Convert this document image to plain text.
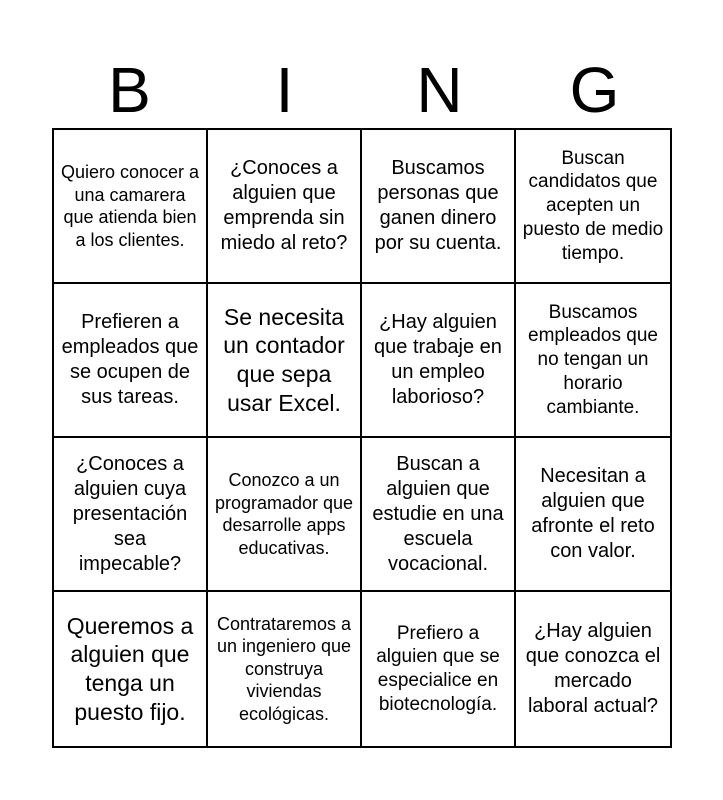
B	I	N	G
Quiero conocer a una camarera que atienda bien a los clientes.
¿Conoces a alguien que emprenda sin miedo al reto?
Buscamos personas que ganen dinero por su cuenta.
Buscan candidatos que acepten un puesto de medio tiempo.
Prefieren a empleados que se ocupen de sus tareas.
Se necesita un contador que sepa usar Excel.
¿Hay alguien que trabaje en un empleo laborioso?
Buscamos empleados que no tengan un horario cambiante.
¿Conoces a alguien cuya presentación sea impecable?
Conozco a un programador que desarrolle apps educativas.
Buscan a alguien que estudie en una escuela vocacional.
Necesitan a alguien que afronte el reto con valor.
Queremos a alguien que tenga un puesto fijo.
Contrataremos a un ingeniero que construya viviendas ecológicas.
Prefiero a alguien que se especialice en biotecnología.
¿Hay alguien que conozca el mercado laboral actual?
